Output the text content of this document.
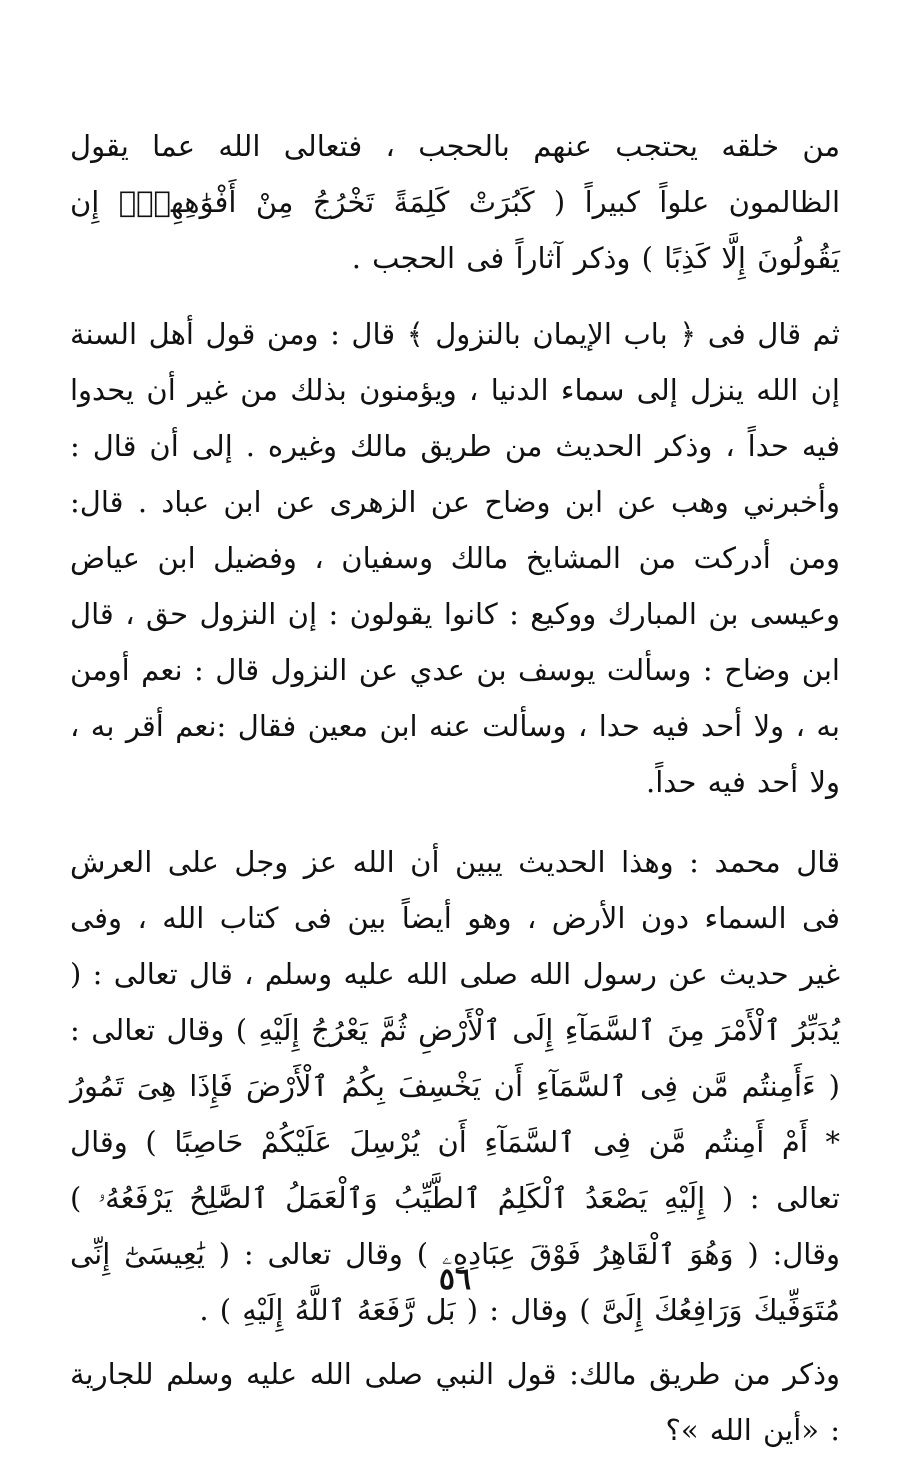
من خلقه يحتجب عنهم بالحجب ، فتعالى الله عما يقول الظالمون علواً كبيراً ( كَبُرَتْ كَلِمَةً تَخْرُجُ مِنْ أَفْوَٰهِهِمْۚ إِن يَقُولُونَ إِلَّا كَذِبًا ) وذكر آثاراً فى الحجب .

ثم قال فى ﴿ باب الإيمان بالنزول ﴾ قال : ومن قول أهل السنة إن الله ينزل إلى سماء الدنيا ، ويؤمنون بذلك من غير أن يحدوا فيه حداً ، وذكر الحديث من طريق مالك وغيره . إلى أن قال : وأخبرني وهب عن ابن وضاح عن الزهرى عن ابن عباد . قال: ومن أدركت من المشايخ مالك وسفيان ، وفضيل ابن عياض وعيسى بن المبارك ووكيع : كانوا يقولون : إن النزول حق ، قال ابن وضاح : وسألت يوسف بن عدي عن النزول قال : نعم أومن به ، ولا أحد فيه حدا ، وسألت عنه ابن معين فقال :نعم أقر به ، ولا أحد فيه حداً.

قال محمد : وهذا الحديث يبين أن الله عز وجل على العرش فى السماء دون الأرض ، وهو أيضاً بين فى كتاب الله ، وفى غير حديث عن رسول الله صلى الله عليه وسلم ، قال تعالى : ( يُدَبِّرُ ٱلْأَمْرَ مِنَ ٱلسَّمَآءِ إِلَى ٱلْأَرْضِ ثُمَّ يَعْرُجُ إِلَيْهِ ) وقال تعالى : ( ءَأَمِنتُم مَّن فِى ٱلسَّمَآءِ أَن يَخْسِفَ بِكُمُ ٱلْأَرْضَ فَإِذَا هِىَ تَمُورُ * أَمْ أَمِنتُم مَّن فِى ٱلسَّمَآءِ أَن يُرْسِلَ عَلَيْكُمْ حَاصِبًا ) وقال تعالى : ( إِلَيْهِ يَصْعَدُ ٱلْكَلِمُ ٱلطَّيِّبُ وَٱلْعَمَلُ ٱلصَّٰلِحُ يَرْفَعُهُۥ ) وقال: ( وَهُوَ ٱلْقَاهِرُ فَوْقَ عِبَادِهِۦ ) وقال تعالى : ( يَٰعِيسَىٰٓ إِنِّى مُتَوَفِّيكَ وَرَافِعُكَ إِلَىَّ ) وقال : ( بَل رَّفَعَهُ ٱللَّهُ إِلَيْهِ ) .

وذكر من طريق مالك: قول النبي صلى الله عليه وسلم للجارية : «أين الله »؟

٥٦
